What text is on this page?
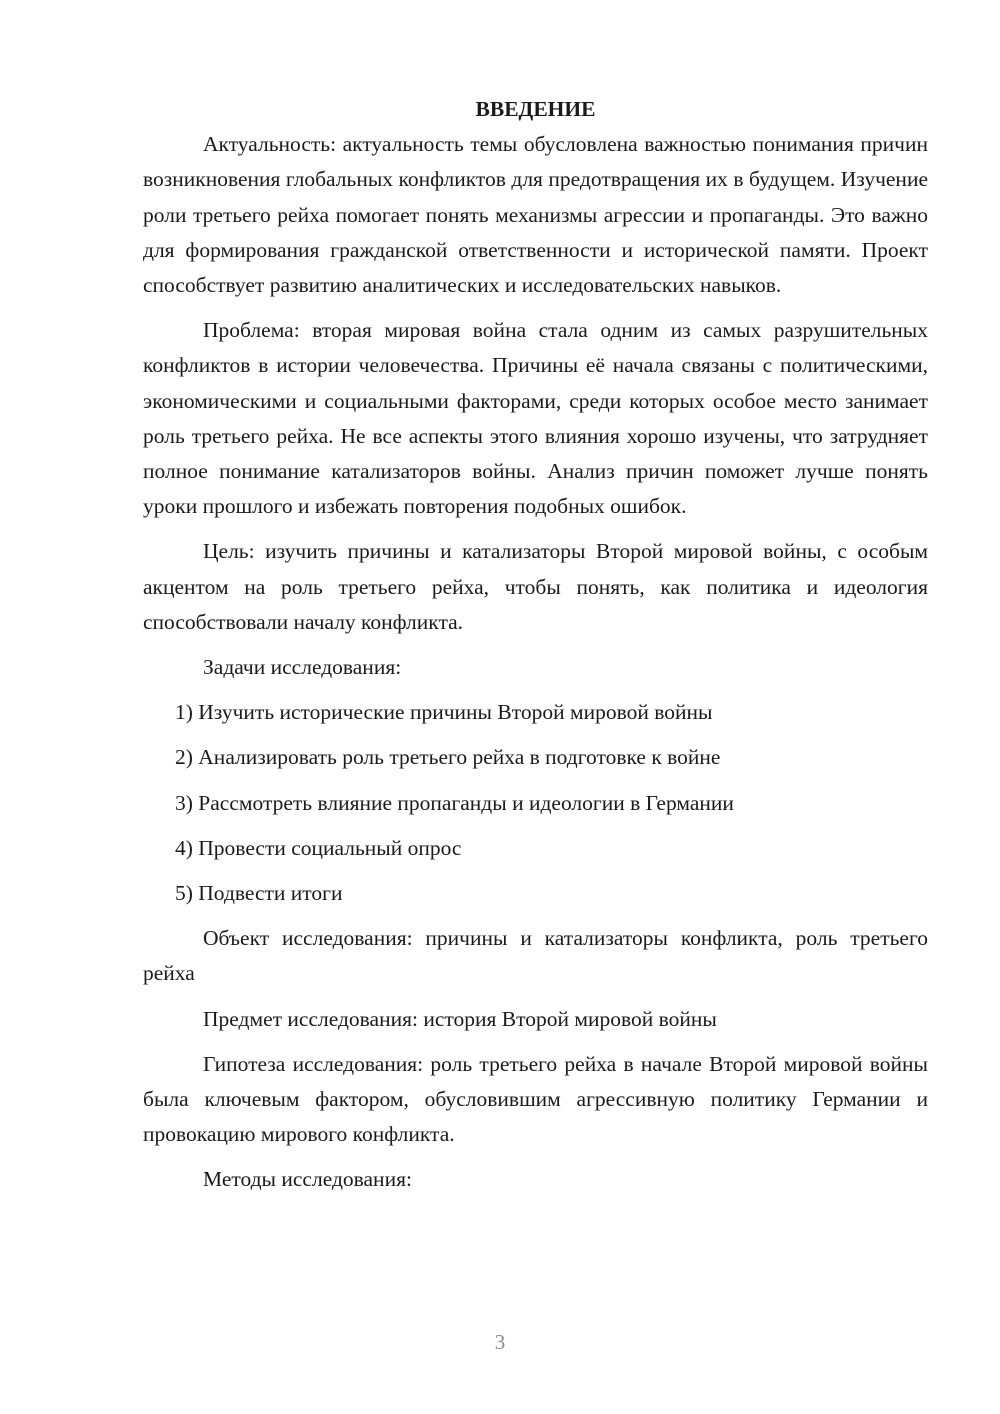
ВВЕДЕНИЕ

Актуальность: актуальность темы обусловлена важностью понимания причин возникновения глобальных конфликтов для предотвращения их в будущем. Изучение роли третьего рейха помогает понять механизмы агрессии и пропаганды. Это важно для формирования гражданской ответственности и исторической памяти. Проект способствует развитию аналитических и исследовательских навыков.

Проблема: вторая мировая война стала одним из самых разрушительных конфликтов в истории человечества. Причины её начала связаны с политическими, экономическими и социальными факторами, среди которых особое место занимает роль третьего рейха. Не все аспекты этого влияния хорошо изучены, что затрудняет полное понимание катализаторов войны. Анализ причин поможет лучше понять уроки прошлого и избежать повторения подобных ошибок.

Цель: изучить причины и катализаторы Второй мировой войны, с особым акцентом на роль третьего рейха, чтобы понять, как политика и идеология способствовали началу конфликта.

Задачи исследования:

1) Изучить исторические причины Второй мировой войны
2) Анализировать роль третьего рейха в подготовке к войне
3) Рассмотреть влияние пропаганды и идеологии в Германии
4) Провести социальный опрос
5) Подвести итоги

Объект исследования: причины и катализаторы конфликта, роль третьего рейха

Предмет исследования: история Второй мировой войны

Гипотеза исследования: роль третьего рейха в начале Второй мировой войны была ключевым фактором, обусловившим агрессивную политику Германии и провокацию мирового конфликта.

Методы исследования:

3
